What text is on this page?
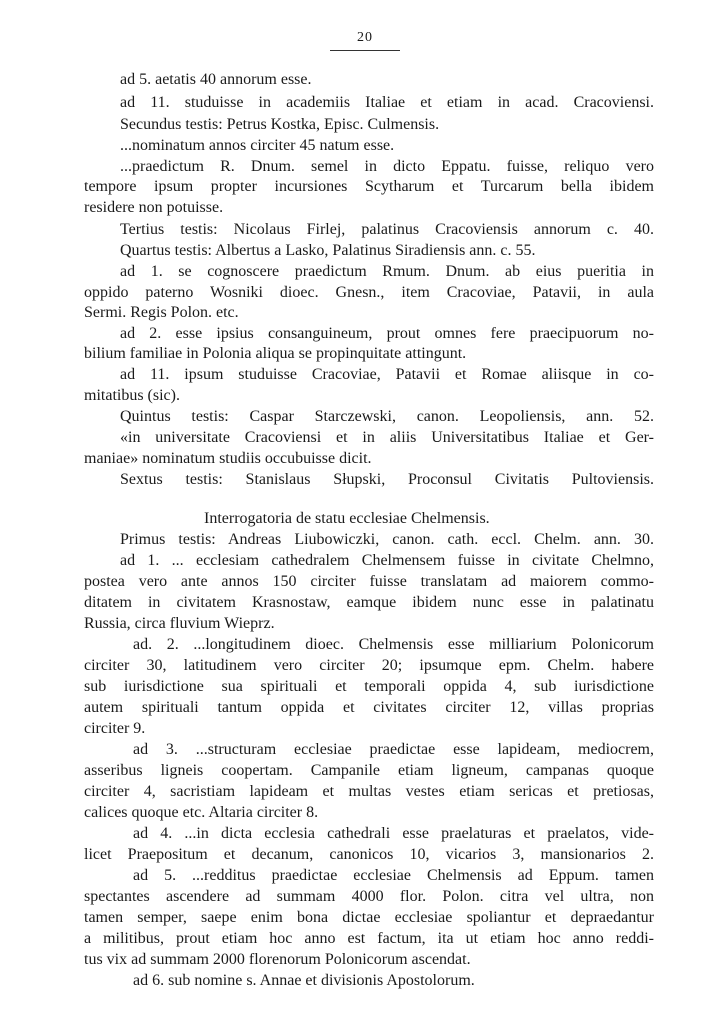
20
ad 5. aetatis 40 annorum esse.
ad 11. studuisse in academiis Italiae et etiam in acad. Cracoviensi.
Secundus testis: Petrus Kostka, Episc. Culmensis.
...nominatum annos circiter 45 natum esse.
...praedictum R. Dnum. semel in dicto Eppatu. fuisse, reliquo vero
tempore ipsum propter incursiones Scytharum et Turcarum bella ibidem
residere non potuisse.
Tertius testis: Nicolaus Firlej, palatinus Cracoviensis annorum c. 40.
Quartus testis: Albertus a Lasko, Palatinus Siradiensis ann. c. 55.
ad 1. se cognoscere praedictum Rmum. Dnum. ab eius pueritia in
oppido paterno Wosniki dioec. Gnesn., item Cracoviae, Patavii, in aula
Sermi. Regis Polon. etc.
ad 2. esse ipsius consanguineum, prout omnes fere praecipuorum no-
bilium familiae in Polonia aliqua se propinquitate attingunt.
ad 11. ipsum studuisse Cracoviae, Patavii et Romae aliisque in co-
mitatibus (sic).
Quintus testis: Caspar Starczewski, canon. Leopoliensis, ann. 52.
«in universitate Cracoviensi et in aliis Universitatibus Italiae et Ger-
maniae» nominatum studiis occubuisse dicit.
Sextus testis: Stanislaus Słupski, Proconsul Civitatis Pultoviensis.
Interrogatoria de statu ecclesiae Chelmensis.
Primus testis: Andreas Liubowiczki, canon. cath. eccl. Chelm. ann. 30.
ad 1. ... ecclesiam cathedralem Chelmensem fuisse in civitate Chelmno,
postea vero ante annos 150 circiter fuisse translatam ad maiorem commo-
ditatem in civitatem Krasnostaw, eamque ibidem nunc esse in palatinatu
Russia, circa fluvium Wieprz.
ad. 2. ...longitudinem dioec. Chelmensis esse milliarium Polonicorum
circiter 30, latitudinem vero circiter 20; ipsumque epm. Chelm. habere
sub iurisdictione sua spirituali et temporali oppida 4, sub iurisdictione
autem spirituali tantum oppida et civitates circiter 12, villas proprias
circiter 9.
ad 3. ...structuram ecclesiae praedictae esse lapideam, mediocrem,
asseribus ligneis coopertam. Campanile etiam ligneum, campanas quoque
circiter 4, sacristiam lapideam et multas vestes etiam sericas et pretiosas,
calices quoque etc. Altaria circiter 8.
ad 4. ...in dicta ecclesia cathedrali esse praelaturas et praelatos, vide-
licet Praepositum et decanum, canonicos 10, vicarios 3, mansionarios 2.
ad 5. ...redditus praedictae ecclesiae Chelmensis ad Eppum. tamen
spectantes ascendere ad summam 4000 flor. Polon. citra vel ultra, non
tamen semper, saepe enim bona dictae ecclesiae spoliantur et depraedantur
a militibus, prout etiam hoc anno est factum, ita ut etiam hoc anno reddi-
tus vix ad summam 2000 florenorum Polonicorum ascendat.
ad 6. sub nomine s. Annae et divisionis Apostolorum.
